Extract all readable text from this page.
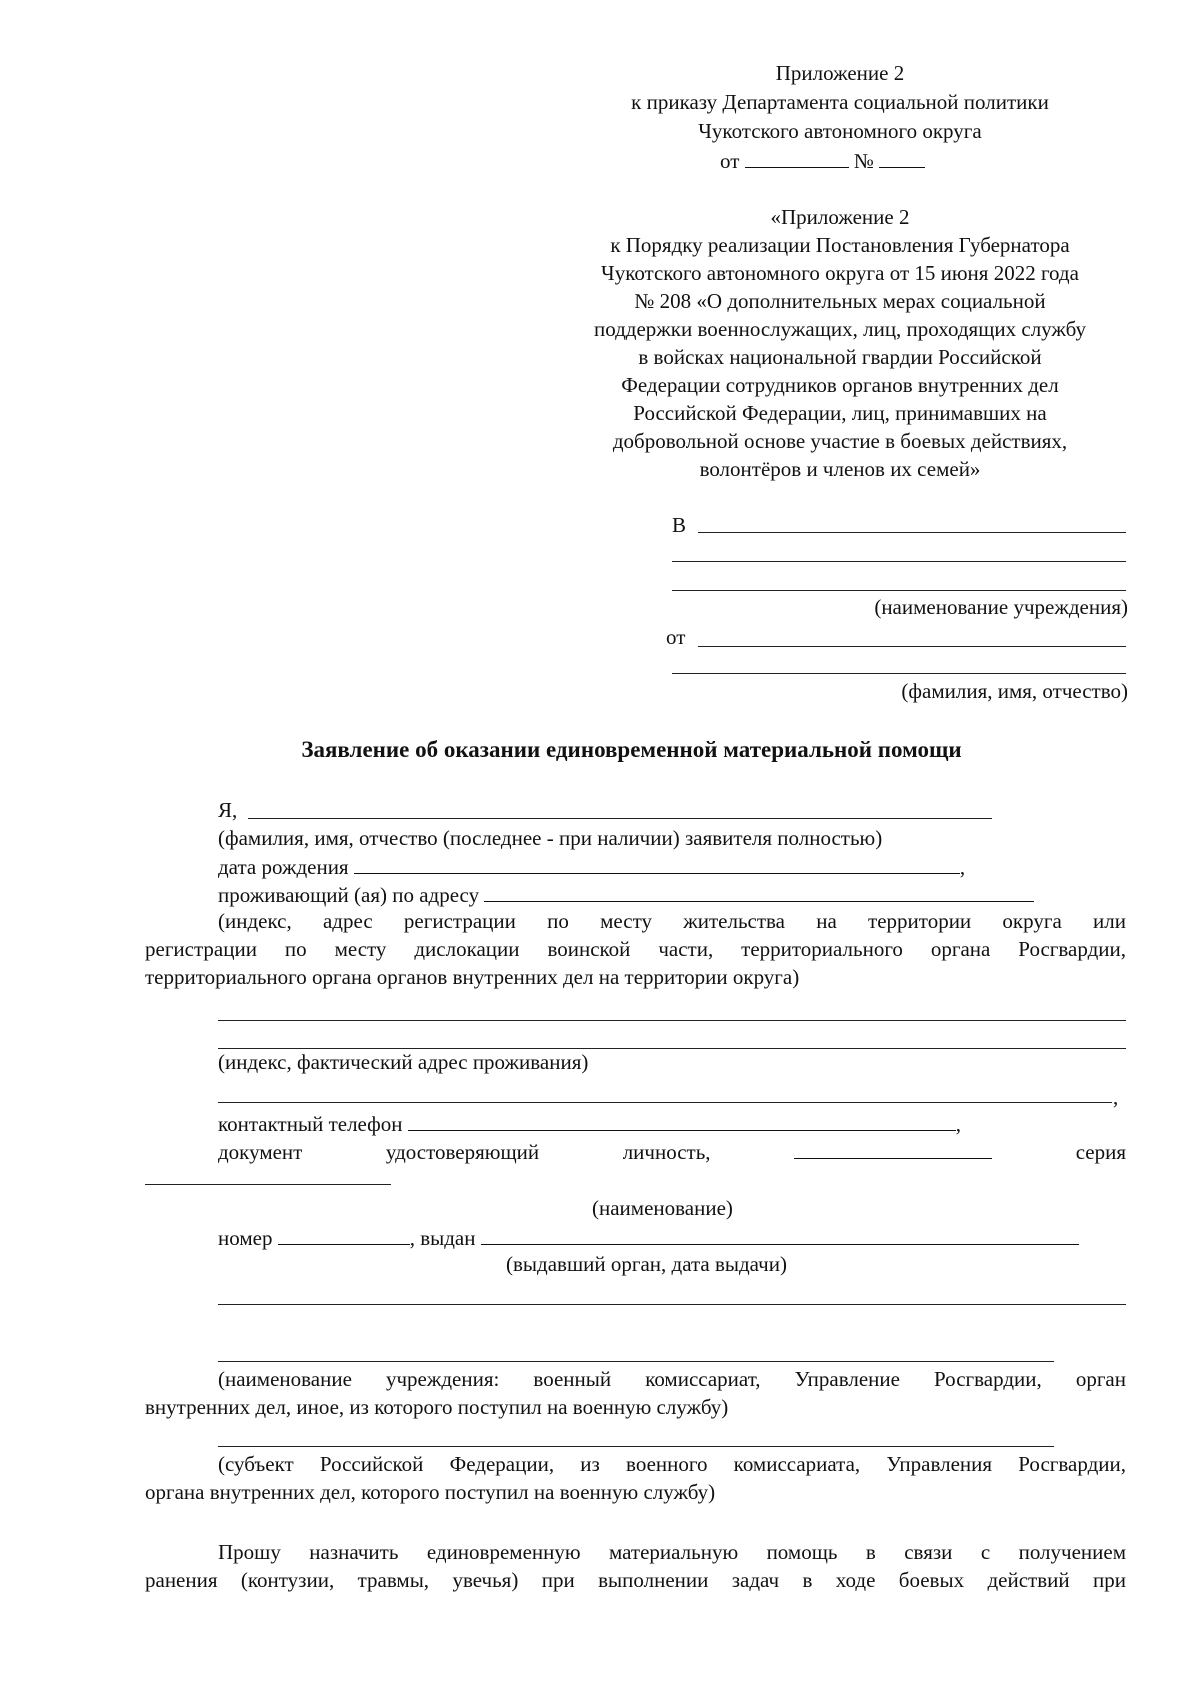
Приложение 2
к приказу Департамента социальной политики
Чукотского автономного округа
от	№
«Приложение 2
к Порядку реализации Постановления Губернатора
Чукотского автономного округа от 15 июня 2022 года
№ 208 «О дополнительных мерах социальной
поддержки военнослужащих, лиц, проходящих службу
в войсках национальной гвардии Российской
Федерации сотрудников органов внутренних дел
Российской Федерации, лиц, принимавших на
добровольной основе участие в боевых действиях,
волонтёров и членов их семей»
В
(наименование учреждения)
от
(фамилия, имя, отчество)
Заявление об оказании единовременной материальной помощи
Я,
(фамилия, имя, отчество (последнее - при наличии) заявителя полностью)
дата рождения	,
проживающий (ая) по адресу
(индекс, адрес регистрации по месту жительства на территории округа или
регистрации по месту дислокации воинской части, территориального органа Росгвардии,
территориального органа органов внутренних дел на территории округа)
(индекс, фактический адрес проживания)
,
контактный телефон	,
документ	удостоверяющий	личность,	серия
(наименование)
номер	, выдан
(выдавший орган, дата выдачи)
(наименование учреждения: военный комиссариат, Управление Росгвардии, орган
внутренних дел, иное, из которого поступил на военную службу)
(субъект Российской Федерации, из военного комиссариата, Управления Росгвардии,
органа внутренних дел, которого поступил на военную службу)
Прошу назначить единовременную материальную помощь в связи с получением
ранения (контузии, травмы, увечья) при выполнении задач в ходе боевых действий при
